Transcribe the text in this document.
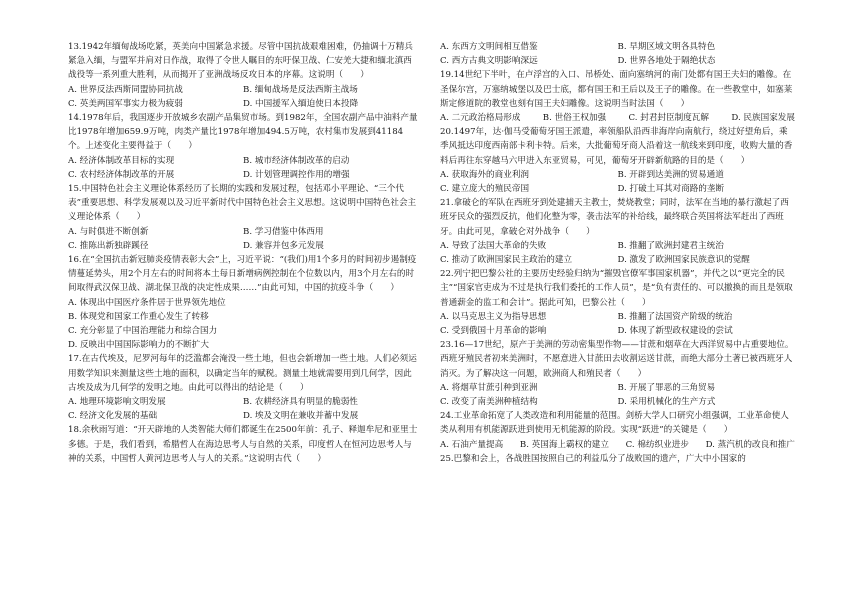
13.1942年缅甸战场吃紧，英美向中国紧急求援。尽管中国抗战艰难困难，仍抽调十万精兵紧急入缅，与盟军并肩对日作战，取得了令世人瞩目的东吁保卫战、仁安羌大捷和缅北滇西战役等一系列重大胜利，从而揭开了亚洲战场反攻日本的序幕。这说明（　　）
A. 世界反法西斯同盟协同抗战	B. 缅甸战场是反法西斯主战场
C. 英美两国军事实力极为疲弱	D. 中国援军入缅迫使日本投降
14.1978年后，我国逐步开放城乡农副产品集贸市场。到1982年，全国农副产品中油料产量比1978年增加659.9万吨，肉类产量比1978年增加494.5万吨，农村集市发展到41184个。上述变化主要得益于（　　）
A. 经济体制改革目标的实现	B. 城市经济体制改革的启动
C. 农村经济体制改革的开展	D. 计划管理调控作用的增强
15.中国特色社会主义理论体系经历了长期的实践和发展过程，包括邓小平理论、“三个代表”重要思想、科学发展观以及习近平新时代中国特色社会主义思想。这说明中国特色社会主义理论体系（　　）
A. 与时俱进不断创新	B. 学习借鉴中体西用
C. 推陈出新独辟蹊径	D. 兼容并包多元发展
16.在“全国抗击新冠肺炎疫情表彰大会”上，习近平说：“(我们)用1个多月的时间初步遏制疫情蔓延势头，用2个月左右的时间将本土每日新增病例控制在个位数以内，用3个月左右的时间取得武汉保卫战、湖北保卫战的决定性成果……”由此可知，中国的抗疫斗争（　　）
A. 体现出中国医疗条件居于世界领先地位
B. 体现党和国家工作重心发生了转移
C. 充分彰显了中国治理能力和综合国力
D. 反映出中国国际影响力的不断扩大
17.在古代埃及，尼罗河每年的泛滥都会淹没一些土地，但也会新增加一些土地。人们必须运用数学知识来测量这些土地的面积，以确定当年的赋税。测量土地就需要用到几何学，因此古埃及成为几何学的发明之地。由此可以得出的结论是（　　）
A. 地理环境影响文明发展	B. 农耕经济具有明显的脆弱性
C. 经济文化发展的基础	D. 埃及文明在兼收并蓄中发展
18.余秋雨写道：“开天辟地的人类智能大师们都诞生在2500年前：孔子、释迦牟尼和亚里士多德。于是，我们看到，希腊哲人在海边思考人与自然的关系，印度哲人在恒河边思考人与神的关系，中国哲人黄河边思考人与人的关系。”这说明古代（　　）
A. 东西方文明间相互借鉴	B. 早期区域文明各具特色
C. 西方古典文明影响深远	D. 世界各地处于隔绝状态
19.14世纪下半叶，在卢浮宫的入口、吊桥处、面向塞纳河的南门处都有国王夫妇的雕像。在圣保尔宫，万塞纳城堡以及巴士底，都有国王和王后以及王子的雕像。在一些教堂中，如塞莱斯定修道院的教堂也刻有国王夫妇雕像。这说明当时法国（　　）
A. 二元政治格局形成	B. 世俗王权加强	C. 封君封臣制度瓦解	D. 民族国家发展
20.1497年，达·伽马受葡萄牙国王派遣，率领船队沿西非海岸向南航行，绕过好望角后，乘季风抵达印度西南部卡利卡特。后来，大批葡萄牙商人沿着这一航线来到印度，收购大量的香料后再往东穿越马六甲进入东亚贸易，可见，葡萄牙开辟新航路的目的是（　　）
A. 获取海外的商业利润	B. 开辟到达美洲的贸易通道
C. 建立庞大的殖民帝国	D. 打破土耳其对商路的垄断
21.拿破仑的军队在西班牙到处建捕天主教士，焚烧教堂；同时，法军在当地的暴行激起了西班牙民众的强烈反抗，他们化整为零，袭击法军的补给线，最终联合英国将法军赶出了西班牙。由此可见，拿破仑对外战争（　　）
A. 导致了法国大革命的失败	B. 推翻了欧洲封建君主统治
C. 推动了欧洲国家民主政治的建立	D. 激发了欧洲国家民族意识的觉醒
22.列宁把巴黎公社的主要历史经验归纳为“摧毁官僚军事国家机器”，并代之以“更完全的民主”“国家官吏成为不过是执行我们委托的工作人员”，是“负有责任的、可以撤换的而且是领取普通薪金的监工和会计”。据此可知，巴黎公社（　　）
A. 以马克思主义为指导思想	B. 推翻了法国资产阶级的统治
C. 受到俄国十月革命的影响	D. 体现了新型政权建设的尝试
23.16—17世纪，原产于美洲的劳动密集型作物——甘蔗和烟草在大西洋贸易中占重要地位。西班牙殖民者初来美洲时，不愿意进入甘蔗田去收割运送甘蔗，而绝大部分土著已被西班牙人消灭。为了解决这一问题，欧洲商人和殖民者（　　）
A. 将烟草甘蔗引种到亚洲	B. 开展了罪恶的三角贸易
C. 改变了南美洲种植结构	D. 采用机械化的生产方式
24.工业革命拓宽了人类改造和利用能量的范围。剑桥大学人口研究小组强调，工业革命使人类从利用有机能源跃进到使用无机能源的阶段。实现“跃进”的关键是（　　）
A. 石油产量提高 B. 英国海上霸权的建立 C. 棉纺织业进步 D. 蒸汽机的改良和推广
25.巴黎和会上，各战胜国按照自己的利益瓜分了战败国的遗产，广大中小国家的
